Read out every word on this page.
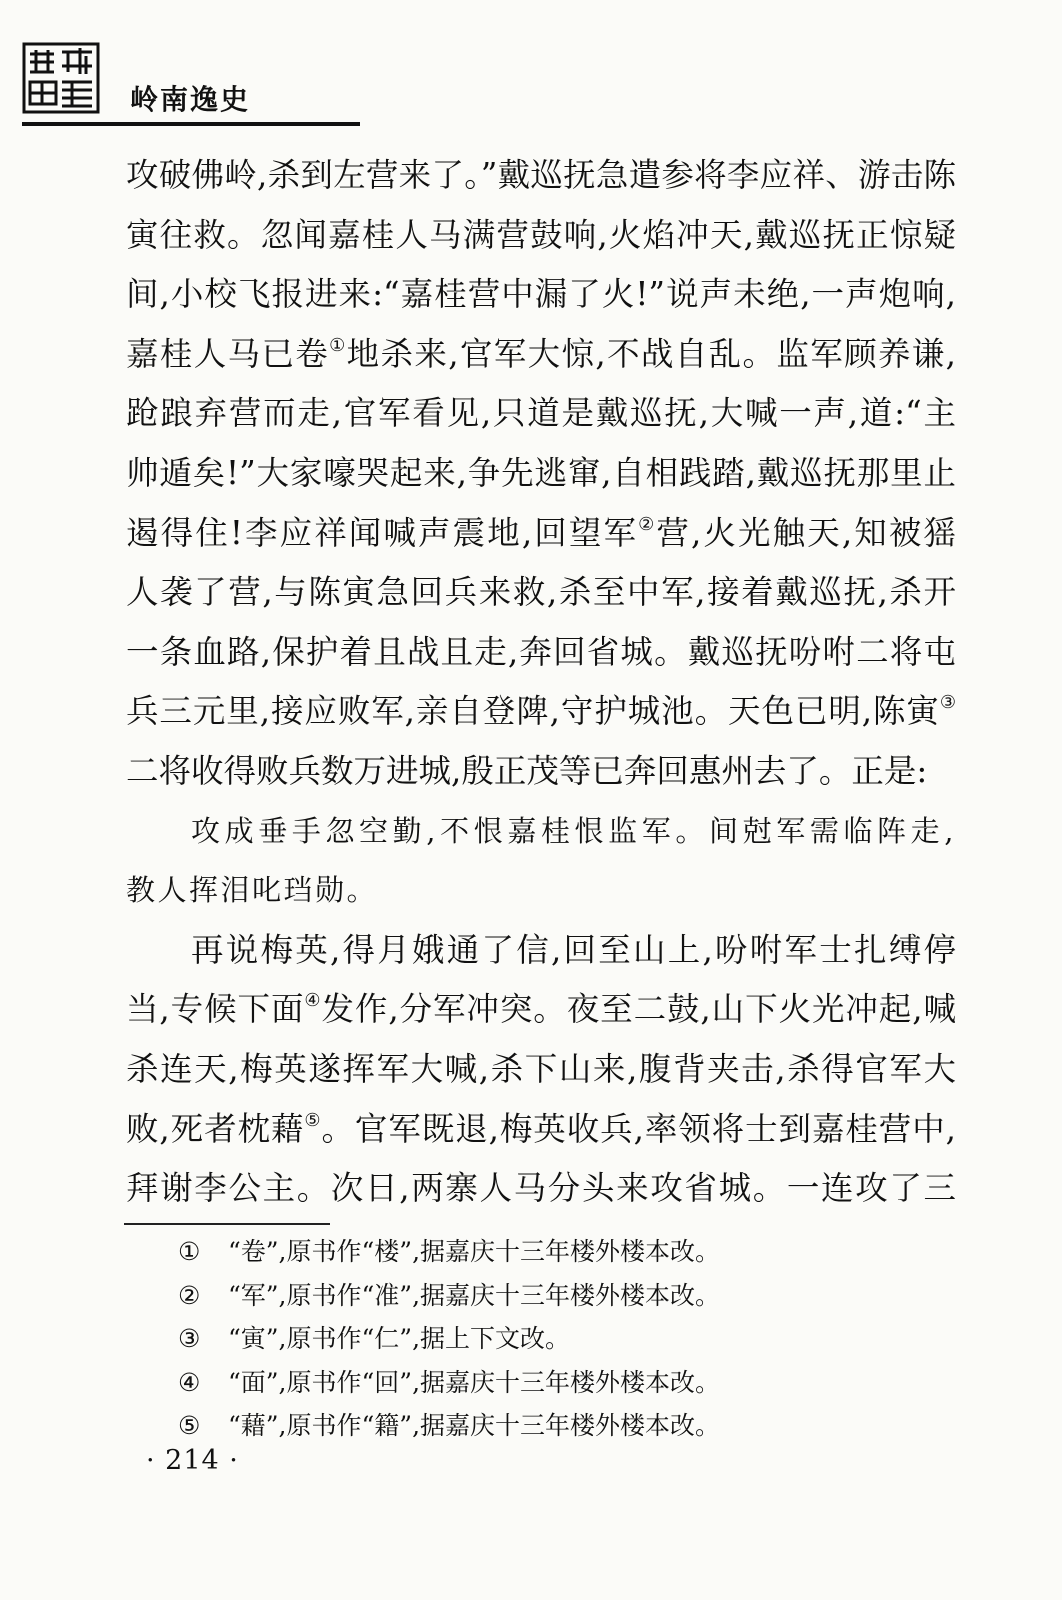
岭南逸史
攻破佛岭,杀到左营来了。”戴巡抚急遣参将李应祥、游击陈
寅往救。忽闻嘉桂人马满营鼓响,火焰冲天,戴巡抚正惊疑
间,小校飞报进来:“嘉桂营中漏了火!”说声未绝,一声炮响,
嘉桂人马已卷①地杀来,官军大惊,不战自乱。监军顾养谦,
跄踉弃营而走,官军看见,只道是戴巡抚,大喊一声,道:“主
帅遁矣!”大家嚎哭起来,争先逃窜,自相践踏,戴巡抚那里止
遏得住!李应祥闻喊声震地,回望军②营,火光触天,知被猺
人袭了营,与陈寅急回兵来救,杀至中军,接着戴巡抚,杀开
一条血路,保护着且战且走,奔回省城。戴巡抚吩咐二将屯
兵三元里,接应败军,亲自登陴,守护城池。天色已明,陈寅③
二将收得败兵数万进城,殷正茂等已奔回惠州去了。正是:
攻成垂手忽空勤,不恨嘉桂恨监军。间尅军需临阵走,
教人挥泪叱珰勋。
再说梅英,得月娥通了信,回至山上,吩咐军士扎缚停
当,专候下面④发作,分军冲突。夜至二鼓,山下火光冲起,喊
杀连天,梅英遂挥军大喊,杀下山来,腹背夹击,杀得官军大
败,死者枕藉⑤。官军既退,梅英收兵,率领将士到嘉桂营中,
拜谢李公主。次日,两寨人马分头来攻省城。一连攻了三
① “卷”,原书作“楼”,据嘉庆十三年楼外楼本改。
② “军”,原书作“准”,据嘉庆十三年楼外楼本改。
③ “寅”,原书作“仁”,据上下文改。
④ “面”,原书作“回”,据嘉庆十三年楼外楼本改。
⑤ “藉”,原书作“籍”,据嘉庆十三年楼外楼本改。
· 214 ·
